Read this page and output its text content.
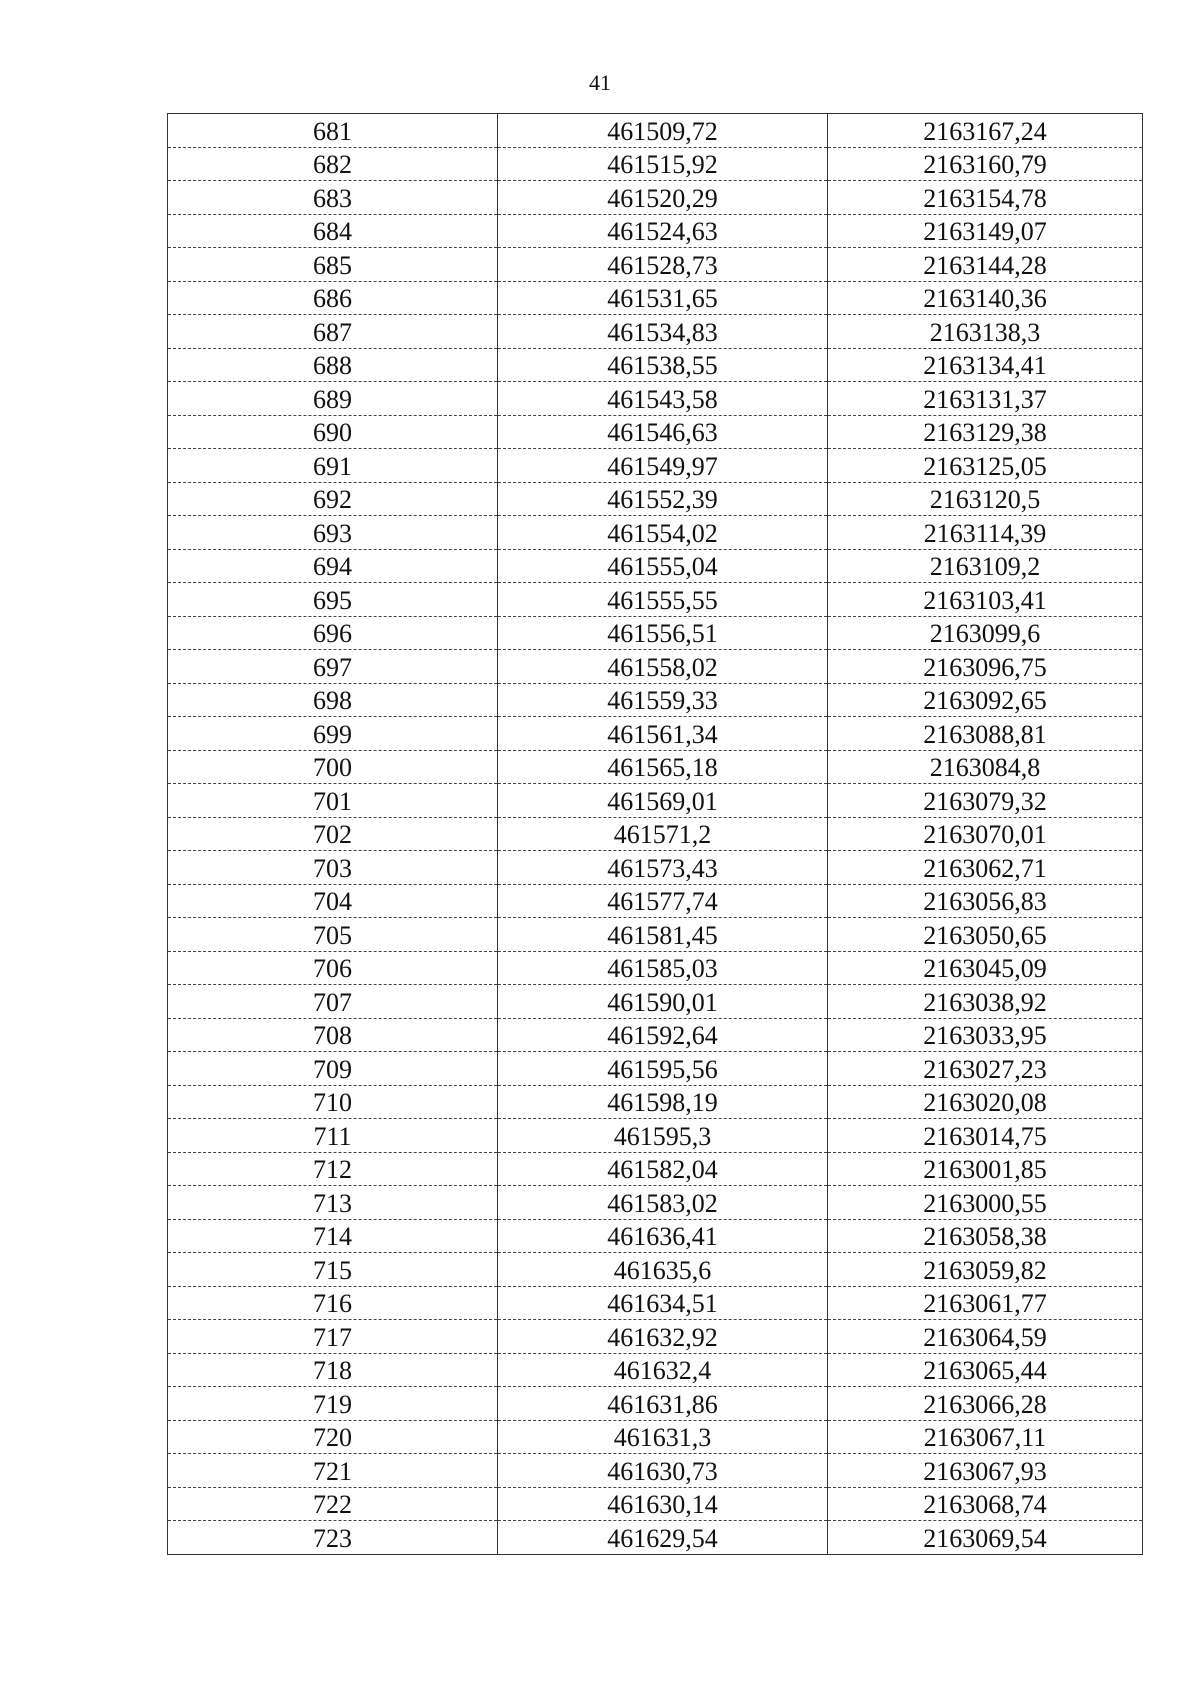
41
681	461509,72	2163167,24
682	461515,92	2163160,79
683	461520,29	2163154,78
684	461524,63	2163149,07
685	461528,73	2163144,28
686	461531,65	2163140,36
687	461534,83	2163138,3
688	461538,55	2163134,41
689	461543,58	2163131,37
690	461546,63	2163129,38
691	461549,97	2163125,05
692	461552,39	2163120,5
693	461554,02	2163114,39
694	461555,04	2163109,2
695	461555,55	2163103,41
696	461556,51	2163099,6
697	461558,02	2163096,75
698	461559,33	2163092,65
699	461561,34	2163088,81
700	461565,18	2163084,8
701	461569,01	2163079,32
702	461571,2	2163070,01
703	461573,43	2163062,71
704	461577,74	2163056,83
705	461581,45	2163050,65
706	461585,03	2163045,09
707	461590,01	2163038,92
708	461592,64	2163033,95
709	461595,56	2163027,23
710	461598,19	2163020,08
711	461595,3	2163014,75
712	461582,04	2163001,85
713	461583,02	2163000,55
714	461636,41	2163058,38
715	461635,6	2163059,82
716	461634,51	2163061,77
717	461632,92	2163064,59
718	461632,4	2163065,44
719	461631,86	2163066,28
720	461631,3	2163067,11
721	461630,73	2163067,93
722	461630,14	2163068,74
723	461629,54	2163069,54
